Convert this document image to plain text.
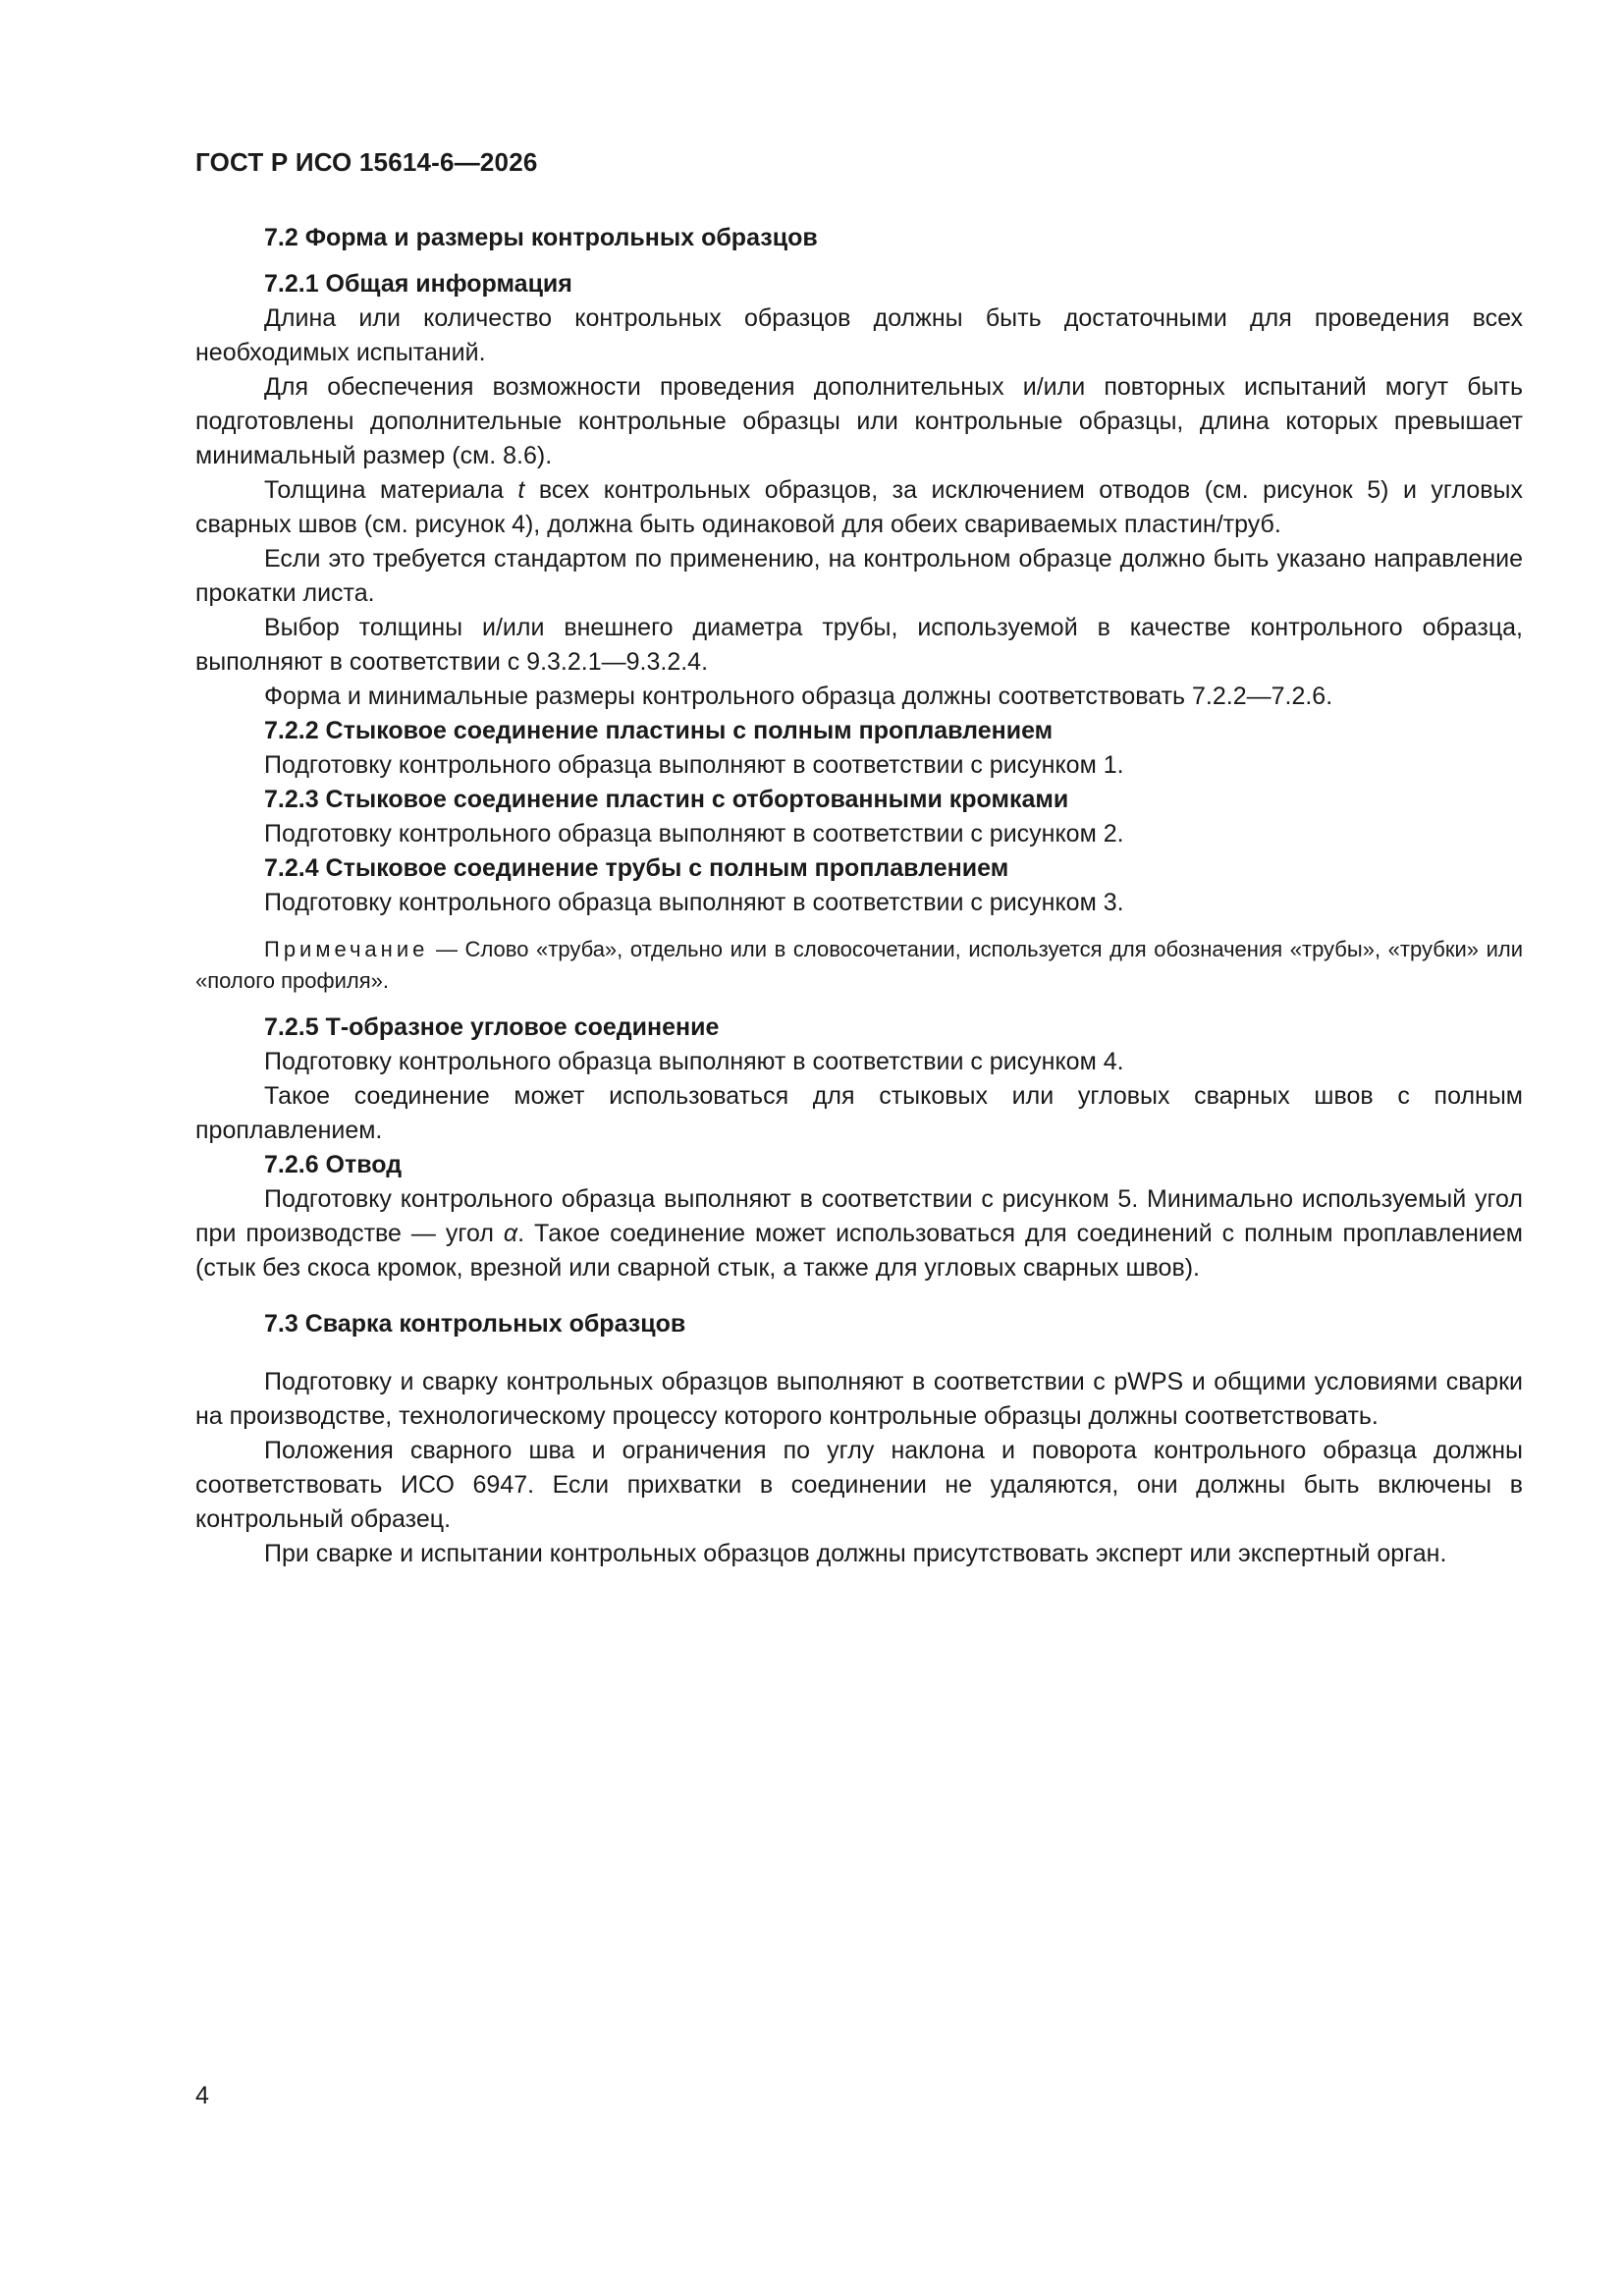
ГОСТ Р ИСО 15614-6—2026

7.2 Форма и размеры контрольных образцов

7.2.1 Общая информация

Длина или количество контрольных образцов должны быть достаточными для проведения всех необходимых испытаний.

Для обеспечения возможности проведения дополнительных и/или повторных испытаний могут быть подготовлены дополнительные контрольные образцы или контрольные образцы, длина которых превышает минимальный размер (см. 8.6).

Толщина материала t всех контрольных образцов, за исключением отводов (см. рисунок 5) и угловых сварных швов (см. рисунок 4), должна быть одинаковой для обеих свариваемых пластин/труб.

Если это требуется стандартом по применению, на контрольном образце должно быть указано направление прокатки листа.

Выбор толщины и/или внешнего диаметра трубы, используемой в качестве контрольного образца, выполняют в соответствии с 9.3.2.1—9.3.2.4.

Форма и минимальные размеры контрольного образца должны соответствовать 7.2.2—7.2.6.

7.2.2 Стыковое соединение пластины с полным проплавлением

Подготовку контрольного образца выполняют в соответствии с рисунком 1.

7.2.3 Стыковое соединение пластин с отбортованными кромками

Подготовку контрольного образца выполняют в соответствии с рисунком 2.

7.2.4 Стыковое соединение трубы с полным проплавлением

Подготовку контрольного образца выполняют в соответствии с рисунком 3.

Примечание — Слово «труба», отдельно или в словосочетании, используется для обозначения «трубы», «трубки» или «полого профиля».

7.2.5 Т-образное угловое соединение

Подготовку контрольного образца выполняют в соответствии с рисунком 4.

Такое соединение может использоваться для стыковых или угловых сварных швов с полным проплавлением.

7.2.6 Отвод

Подготовку контрольного образца выполняют в соответствии с рисунком 5. Минимально используемый угол при производстве — угол α. Такое соединение может использоваться для соединений с полным проплавлением (стык без скоса кромок, врезной или сварной стык, а также для угловых сварных швов).

7.3 Сварка контрольных образцов

Подготовку и сварку контрольных образцов выполняют в соответствии с pWPS и общими условиями сварки на производстве, технологическому процессу которого контрольные образцы должны соответствовать.

Положения сварного шва и ограничения по углу наклона и поворота контрольного образца должны соответствовать ИСО 6947. Если прихватки в соединении не удаляются, они должны быть включены в контрольный образец.

При сварке и испытании контрольных образцов должны присутствовать эксперт или экспертный орган.

4
